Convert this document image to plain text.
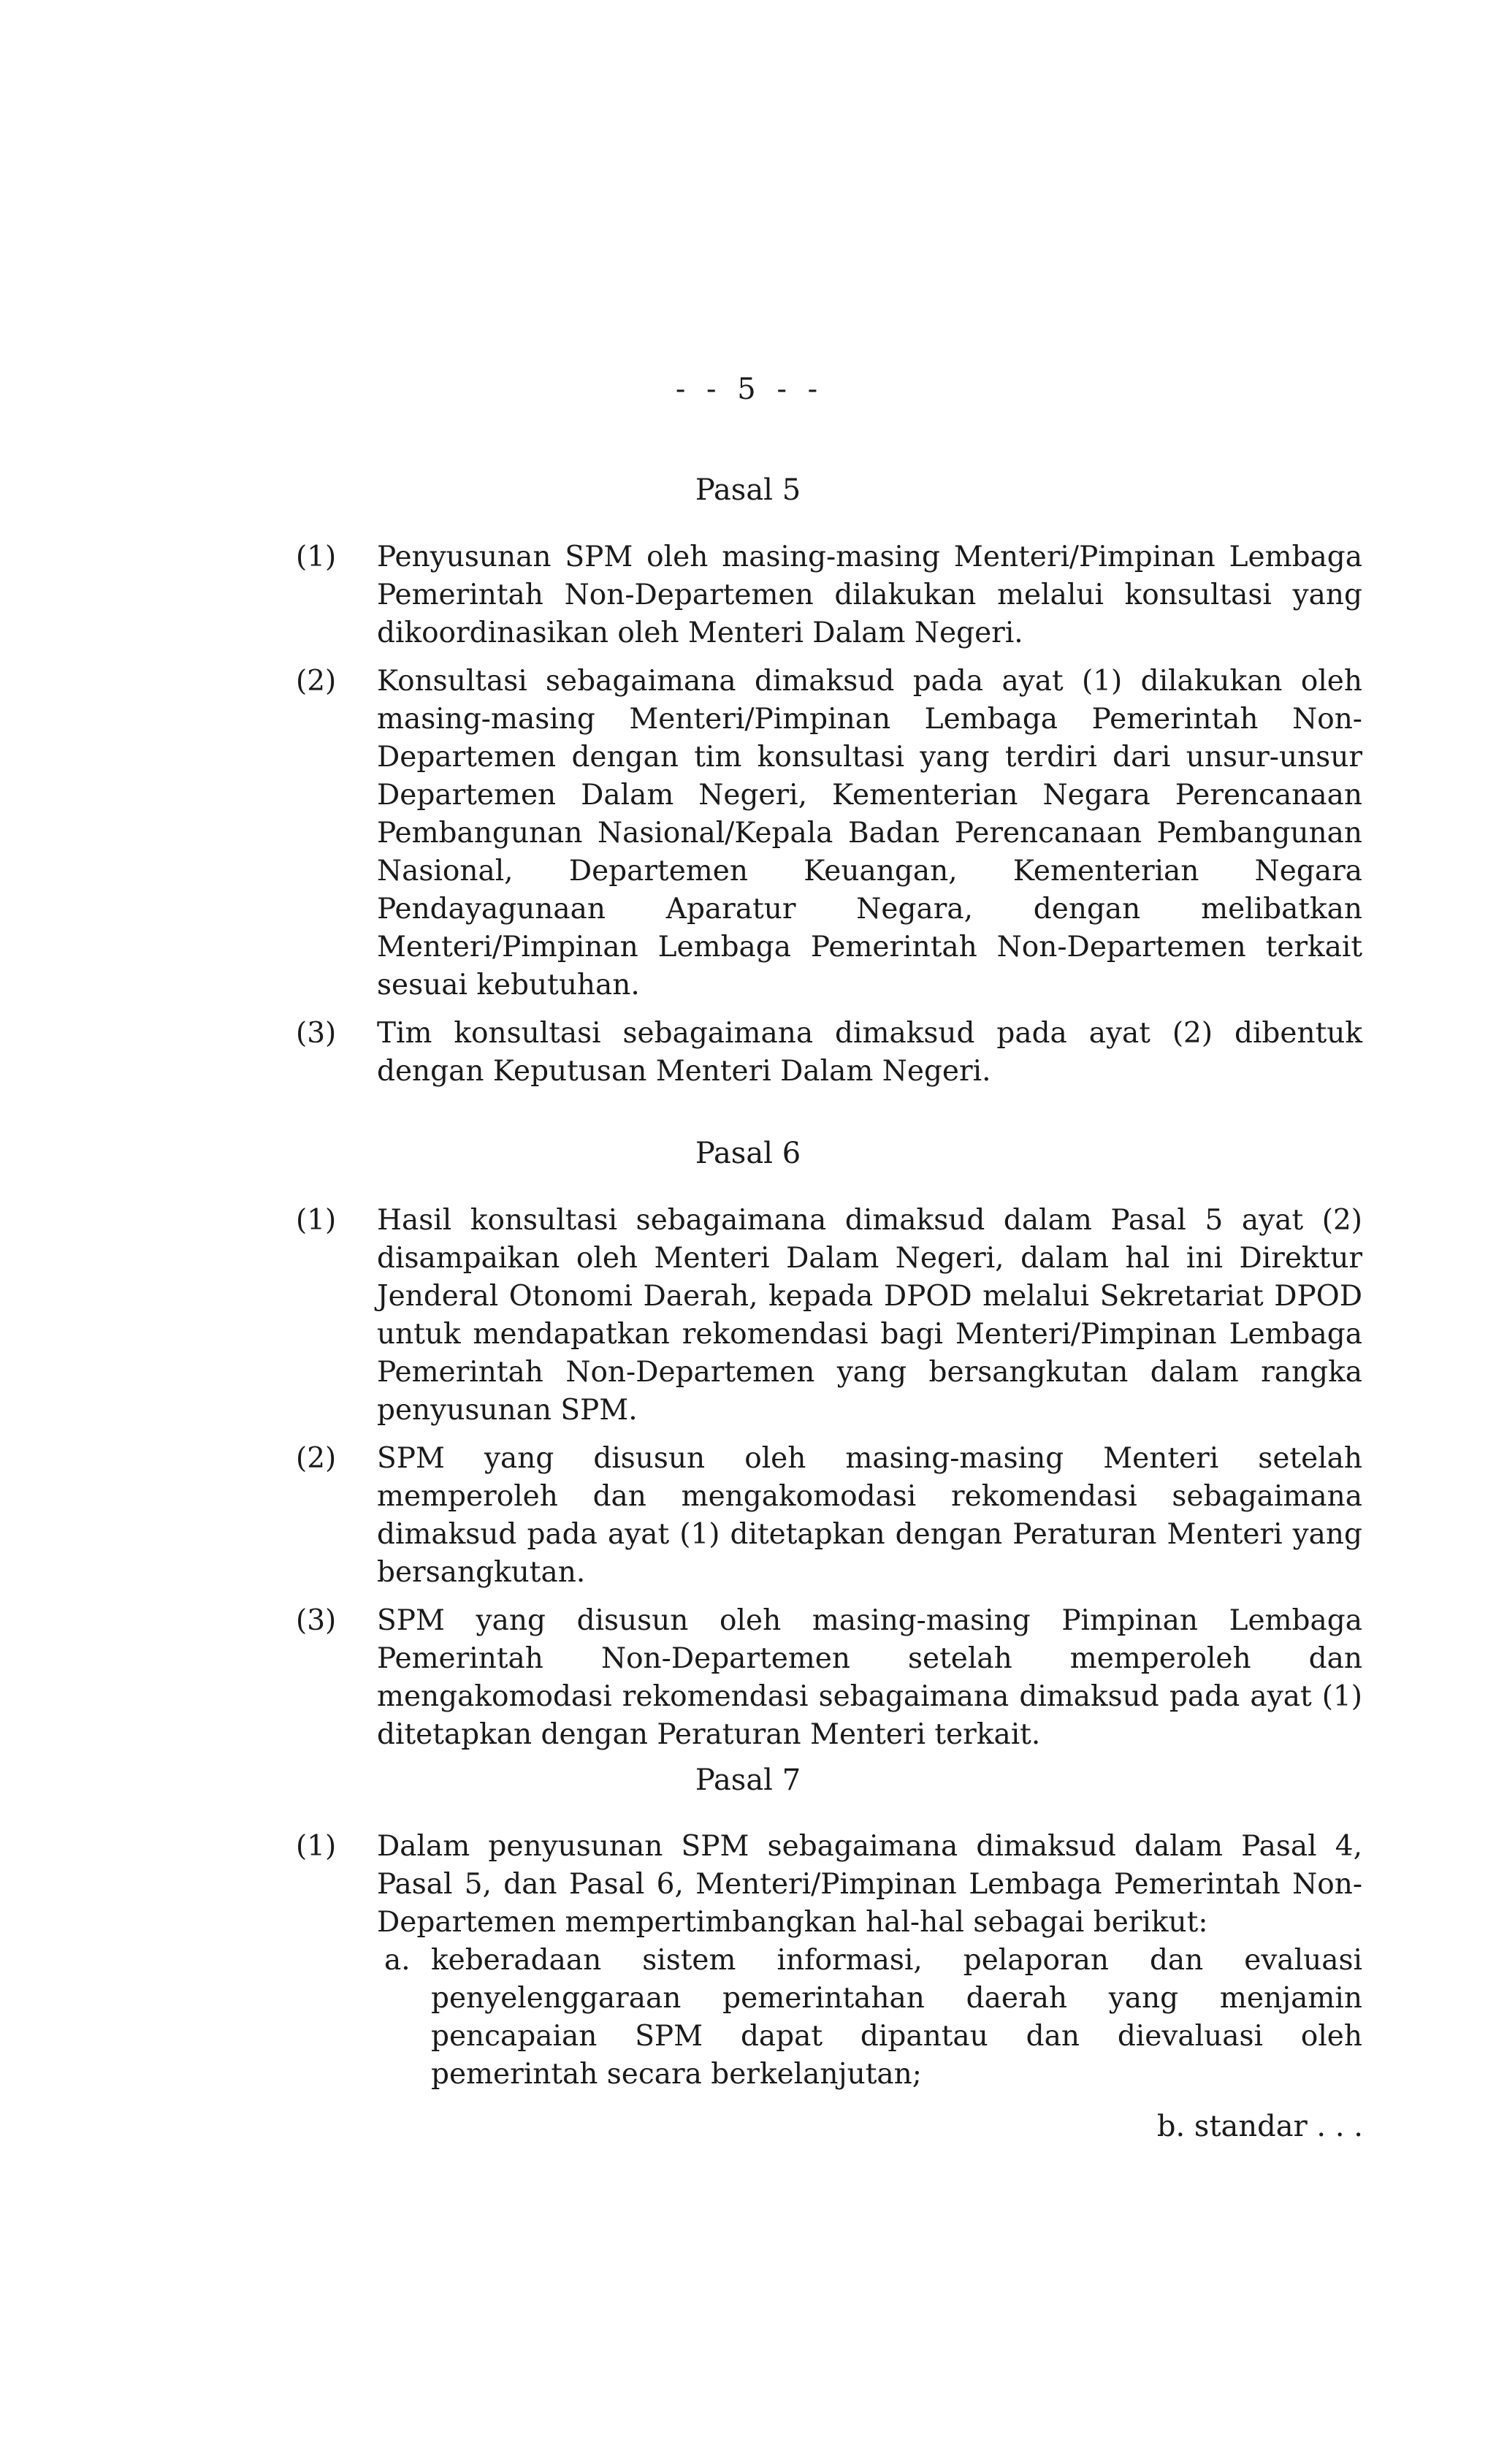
- - 5 - -
Pasal 5
(1)	Penyusunan SPM oleh masing-masing Menteri/Pimpinan Lembaga Pemerintah Non-Departemen dilakukan melalui konsultasi yang dikoordinasikan oleh Menteri Dalam Negeri.
(2)	Konsultasi sebagaimana dimaksud pada ayat (1) dilakukan oleh masing-masing Menteri/Pimpinan Lembaga Pemerintah Non-Departemen dengan tim konsultasi yang terdiri dari unsur-unsur Departemen Dalam Negeri, Kementerian Negara Perencanaan Pembangunan Nasional/Kepala Badan Perencanaan Pembangunan Nasional, Departemen Keuangan, Kementerian Negara Pendayagunaan Aparatur Negara, dengan melibatkan Menteri/Pimpinan Lembaga Pemerintah Non-Departemen terkait sesuai kebutuhan.
(3)	Tim konsultasi sebagaimana dimaksud pada ayat (2) dibentuk dengan Keputusan Menteri Dalam Negeri.
Pasal 6
(1)	Hasil konsultasi sebagaimana dimaksud dalam Pasal 5 ayat (2) disampaikan oleh Menteri Dalam Negeri, dalam hal ini Direktur Jenderal Otonomi Daerah, kepada DPOD melalui Sekretariat DPOD untuk mendapatkan rekomendasi bagi Menteri/Pimpinan Lembaga Pemerintah Non-Departemen yang bersangkutan dalam rangka penyusunan SPM.
(2)	SPM yang disusun oleh masing-masing Menteri setelah memperoleh dan mengakomodasi rekomendasi sebagaimana dimaksud pada ayat (1) ditetapkan dengan Peraturan Menteri yang bersangkutan.
(3)	SPM yang disusun oleh masing-masing Pimpinan Lembaga Pemerintah Non-Departemen setelah memperoleh dan mengakomodasi rekomendasi sebagaimana dimaksud pada ayat (1) ditetapkan dengan Peraturan Menteri terkait.
Pasal 7
(1)	Dalam penyusunan SPM sebagaimana dimaksud dalam Pasal 4, Pasal 5, dan Pasal 6, Menteri/Pimpinan Lembaga Pemerintah Non-Departemen mempertimbangkan hal-hal sebagai berikut:
a. keberadaan sistem informasi, pelaporan dan evaluasi penyelenggaraan pemerintahan daerah yang menjamin pencapaian SPM dapat dipantau dan dievaluasi oleh pemerintah secara berkelanjutan;
b. standar . . .
